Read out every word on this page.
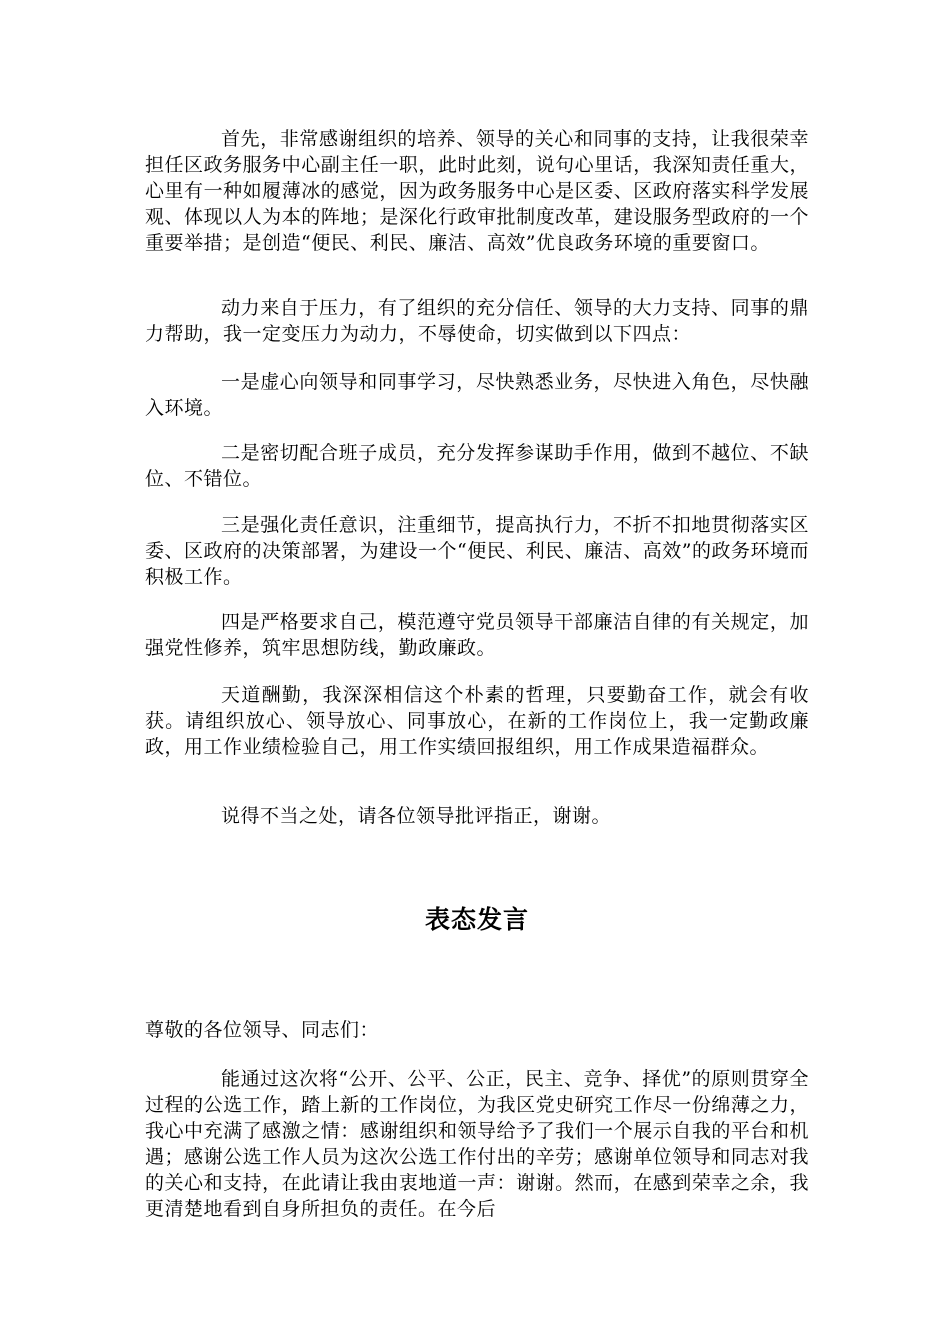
首先，非常感谢组织的培养、领导的关心和同事的支持，让我很荣幸担任区政务服务中心副主任一职，此时此刻，说句心里话，我深知责任重大，心里有一种如履薄冰的感觉，因为政务服务中心是区委、区政府落实科学发展观、体现以人为本的阵地；是深化行政审批制度改革，建设服务型政府的一个重要举措；是创造“便民、利民、廉洁、高效”优良政务环境的重要窗口。

动力来自于压力，有了组织的充分信任、领导的大力支持、同事的鼎力帮助，我一定变压力为动力，不辱使命，切实做到以下四点：

一是虚心向领导和同事学习，尽快熟悉业务，尽快进入角色，尽快融入环境。

二是密切配合班子成员，充分发挥参谋助手作用，做到不越位、不缺位、不错位。

三是强化责任意识，注重细节，提高执行力，不折不扣地贯彻落实区委、区政府的决策部署，为建设一个“便民、利民、廉洁、高效”的政务环境而积极工作。

四是严格要求自己，模范遵守党员领导干部廉洁自律的有关规定，加强党性修养，筑牢思想防线，勤政廉政。

天道酬勤，我深深相信这个朴素的哲理，只要勤奋工作，就会有收获。请组织放心、领导放心、同事放心，在新的工作岗位上，我一定勤政廉政，用工作业绩检验自己，用工作实绩回报组织，用工作成果造福群众。

说得不当之处，请各位领导批评指正，谢谢。

表态发言

尊敬的各位领导、同志们：

能通过这次将“公开、公平、公正，民主、竞争、择优”的原则贯穿全过程的公选工作，踏上新的工作岗位，为我区党史研究工作尽一份绵薄之力，我心中充满了感激之情：感谢组织和领导给予了我们一个展示自我的平台和机遇；感谢公选工作人员为这次公选工作付出的辛劳；感谢单位领导和同志对我的关心和支持，在此请让我由衷地道一声：谢谢。然而，在感到荣幸之余，我更清楚地看到自身所担负的责任。在今后
